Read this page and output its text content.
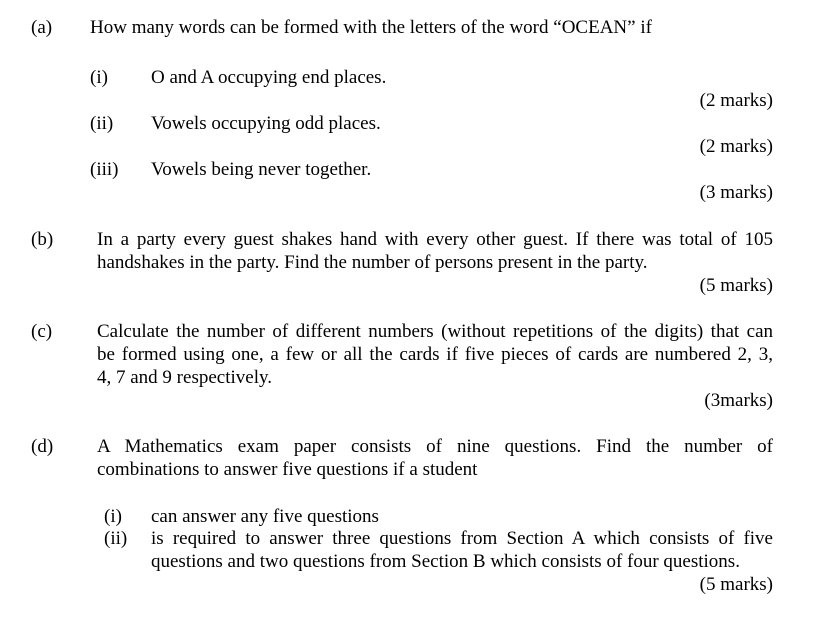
(a) How many words can be formed with the letters of the word “OCEAN” if
(i) O and A occupying end places.
(2 marks)
(ii) Vowels occupying odd places.
(2 marks)
(iii) Vowels being never together.
(3 marks)
(b) In a party every guest shakes hand with every other guest. If there was total of 105
handshakes in the party. Find the number of persons present in the party.
(5 marks)
(c) Calculate the number of different numbers (without repetitions of the digits) that can
be formed using one, a few or all the cards if five pieces of cards are numbered 2, 3,
4, 7 and 9 respectively.
(3marks)
(d) A Mathematics exam paper consists of nine questions. Find the number of
combinations to answer five questions if a student
(i) can answer any five questions
(ii) is required to answer three questions from Section A which consists of five
questions and two questions from Section B which consists of four questions.
(5 marks)
